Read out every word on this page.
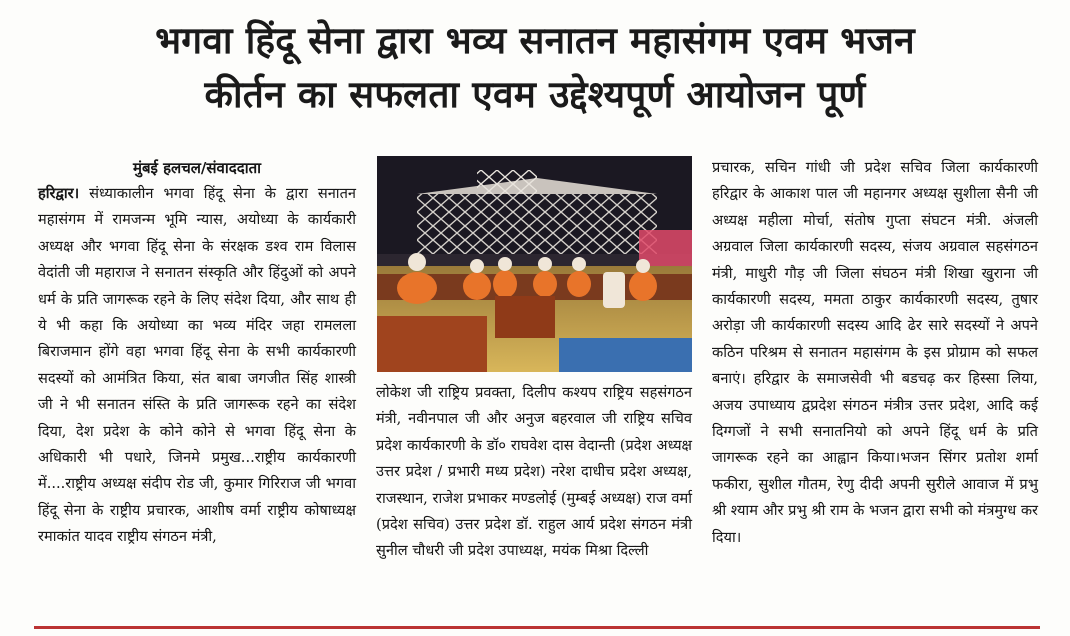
भगवा हिंदू सेना द्वारा भव्य सनातन महासंगम एवम भजन
कीर्तन का सफलता एवम उद्देश्यपूर्ण आयोजन पूर्ण
मुंबई हलचल/संवाददाता
हरिद्वार। संध्याकालीन भगवा हिंदू सेना के द्वारा सनातन महासंगम में रामजन्म भूमि न्यास, अयोध्या के कार्यकारी अध्यक्ष और भगवा हिंदू सेना के संरक्षक डश्व राम विलास वेदांती जी महाराज ने सनातन संस्कृति और हिंदुओं को अपने धर्म के प्रति जागरूक रहने के लिए संदेश दिया, और साथ ही ये भी कहा कि अयोध्या का भव्य मंदिर जहा रामलला बिराजमान होंगे वहा भगवा हिंदू सेना के सभी कार्यकारणी सदस्यों को आमंत्रित किया, संत बाबा जगजीत सिंह शास्त्री जी ने भी सनातन संस्‍ति के प्रति जागरूक रहने का संदेश दिया, देश प्रदेश के कोने कोने से भगवा हिंदू सेना के अधिकारी भी पधारे, जिनमे प्रमुख...राष्ट्रीय कार्यकारणी में....राष्ट्रीय अध्यक्ष संदीप रोड जी, कुमार गिरिराज जी भगवा हिंदू सेना के राष्ट्रीय प्रचारक, आशीष वर्मा राष्ट्रीय कोषाध्यक्ष रमाकांत यादव राष्ट्रीय संगठन मंत्री,
लोकेश जी राष्ट्रिय प्रवक्ता, दिलीप कश्यप राष्ट्रिय सहसंगठन मंत्री, नवीनपाल जी और अनुज बहरवाल जी राष्ट्रिय सचिव प्रदेश कार्यकारणी के डॉ० राघवेश दास वेदान्ती (प्रदेश अध्यक्ष उत्तर प्रदेश / प्रभारी मध्य प्रदेश) नरेश दाधीच प्रदेश अध्यक्ष, राजस्थान, राजेश प्रभाकर मण्डलोई (मुम्बई अध्यक्ष) राज वर्मा (प्रदेश सचिव) उत्तर प्रदेश डॉ. राहुल आर्य प्रदेश संगठन मंत्री सुनील चौधरी जी प्रदेश उपाध्यक्ष, मयंक मिश्रा दिल्ली
प्रचारक, सचिन गांधी जी प्रदेश सचिव जिला कार्यकारणी हरिद्वार के आकाश पाल जी महानगर अध्यक्ष सुशीला सैनी जी अध्यक्ष महीला मोर्चा, संतोष गुप्ता संघटन मंत्री. अंजली अग्रवाल जिला कार्यकारणी सदस्य, संजय अग्रवाल सहसंगठन मंत्री, माधुरी गौड़ जी जिला संघठन मंत्री शिखा खुराना जी कार्यकारणी सदस्य, ममता ठाकुर कार्यकारणी सदस्य, तुषार अरोड़ा जी कार्यकारणी सदस्य आदि ढेर सारे सदस्यों ने अपने कठिन परिश्रम से सनातन महासंगम के इस प्रोग्राम को सफल बनाएं। हरिद्वार के समाजसेवी भी बडचढ़ कर हिस्सा लिया, अजय उपाध्याय द्वप्रदेश संगठन मंत्रीत्र उत्तर प्रदेश, आदि कई दिग्गजों ने सभी सनातनियो को अपने हिंदू धर्म के प्रति जागरूक रहने का आह्वान किया।भजन सिंगर प्रतोश शर्मा फकीरा, सुशील गौतम, रेणु दीदी अपनी सुरीले आवाज में प्रभु श्री श्याम और प्रभु श्री राम के भजन द्वारा सभी को मंत्रमुग्ध कर दिया।
